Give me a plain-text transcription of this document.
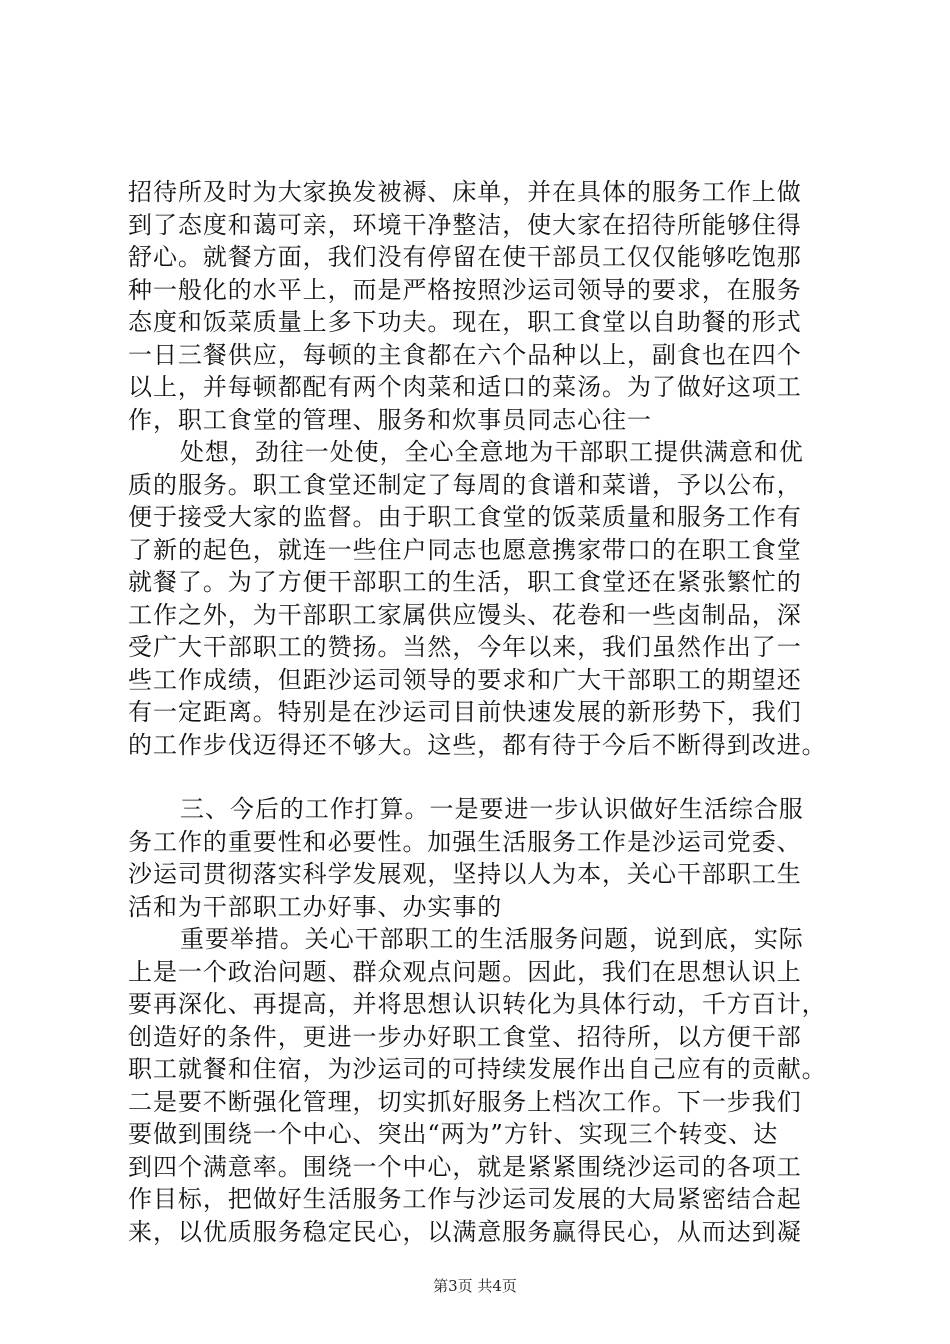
招待所及时为大家换发被褥、床单，并在具体的服务工作上做
到了态度和蔼可亲，环境干净整洁，使大家在招待所能够住得
舒心。就餐方面，我们没有停留在使干部员工仅仅能够吃饱那
种一般化的水平上，而是严格按照沙运司领导的要求，在服务
态度和饭菜质量上多下功夫。现在，职工食堂以自助餐的形式
一日三餐供应，每顿的主食都在六个品种以上，副食也在四个
以上，并每顿都配有两个肉菜和适口的菜汤。为了做好这项工
作，职工食堂的管理、服务和炊事员同志心往一
处想，劲往一处使，全心全意地为干部职工提供满意和优
质的服务。职工食堂还制定了每周的食谱和菜谱，予以公布，
便于接受大家的监督。由于职工食堂的饭菜质量和服务工作有
了新的起色，就连一些住户同志也愿意携家带口的在职工食堂
就餐了。为了方便干部职工的生活，职工食堂还在紧张繁忙的
工作之外，为干部职工家属供应馒头、花卷和一些卤制品，深
受广大干部职工的赞扬。当然，今年以来，我们虽然作出了一
些工作成绩，但距沙运司领导的要求和广大干部职工的期望还
有一定距离。特别是在沙运司目前快速发展的新形势下，我们
的工作步伐迈得还不够大。这些，都有待于今后不断得到改进。
三、今后的工作打算。一是要进一步认识做好生活综合服
务工作的重要性和必要性。加强生活服务工作是沙运司党委、
沙运司贯彻落实科学发展观，坚持以人为本，关心干部职工生
活和为干部职工办好事、办实事的
重要举措。关心干部职工的生活服务问题，说到底，实际
上是一个政治问题、群众观点问题。因此，我们在思想认识上
要再深化、再提高，并将思想认识转化为具体行动，千方百计，
创造好的条件，更进一步办好职工食堂、招待所，以方便干部
职工就餐和住宿，为沙运司的可持续发展作出自己应有的贡献。
二是要不断强化管理，切实抓好服务上档次工作。下一步我们
要做到围绕一个中心、突出“两为”方针、实现三个转变、达
到四个满意率。围绕一个中心，就是紧紧围绕沙运司的各项工
作目标，把做好生活服务工作与沙运司发展的大局紧密结合起
来，以优质服务稳定民心，以满意服务赢得民心，从而达到凝
第3页 共4页
